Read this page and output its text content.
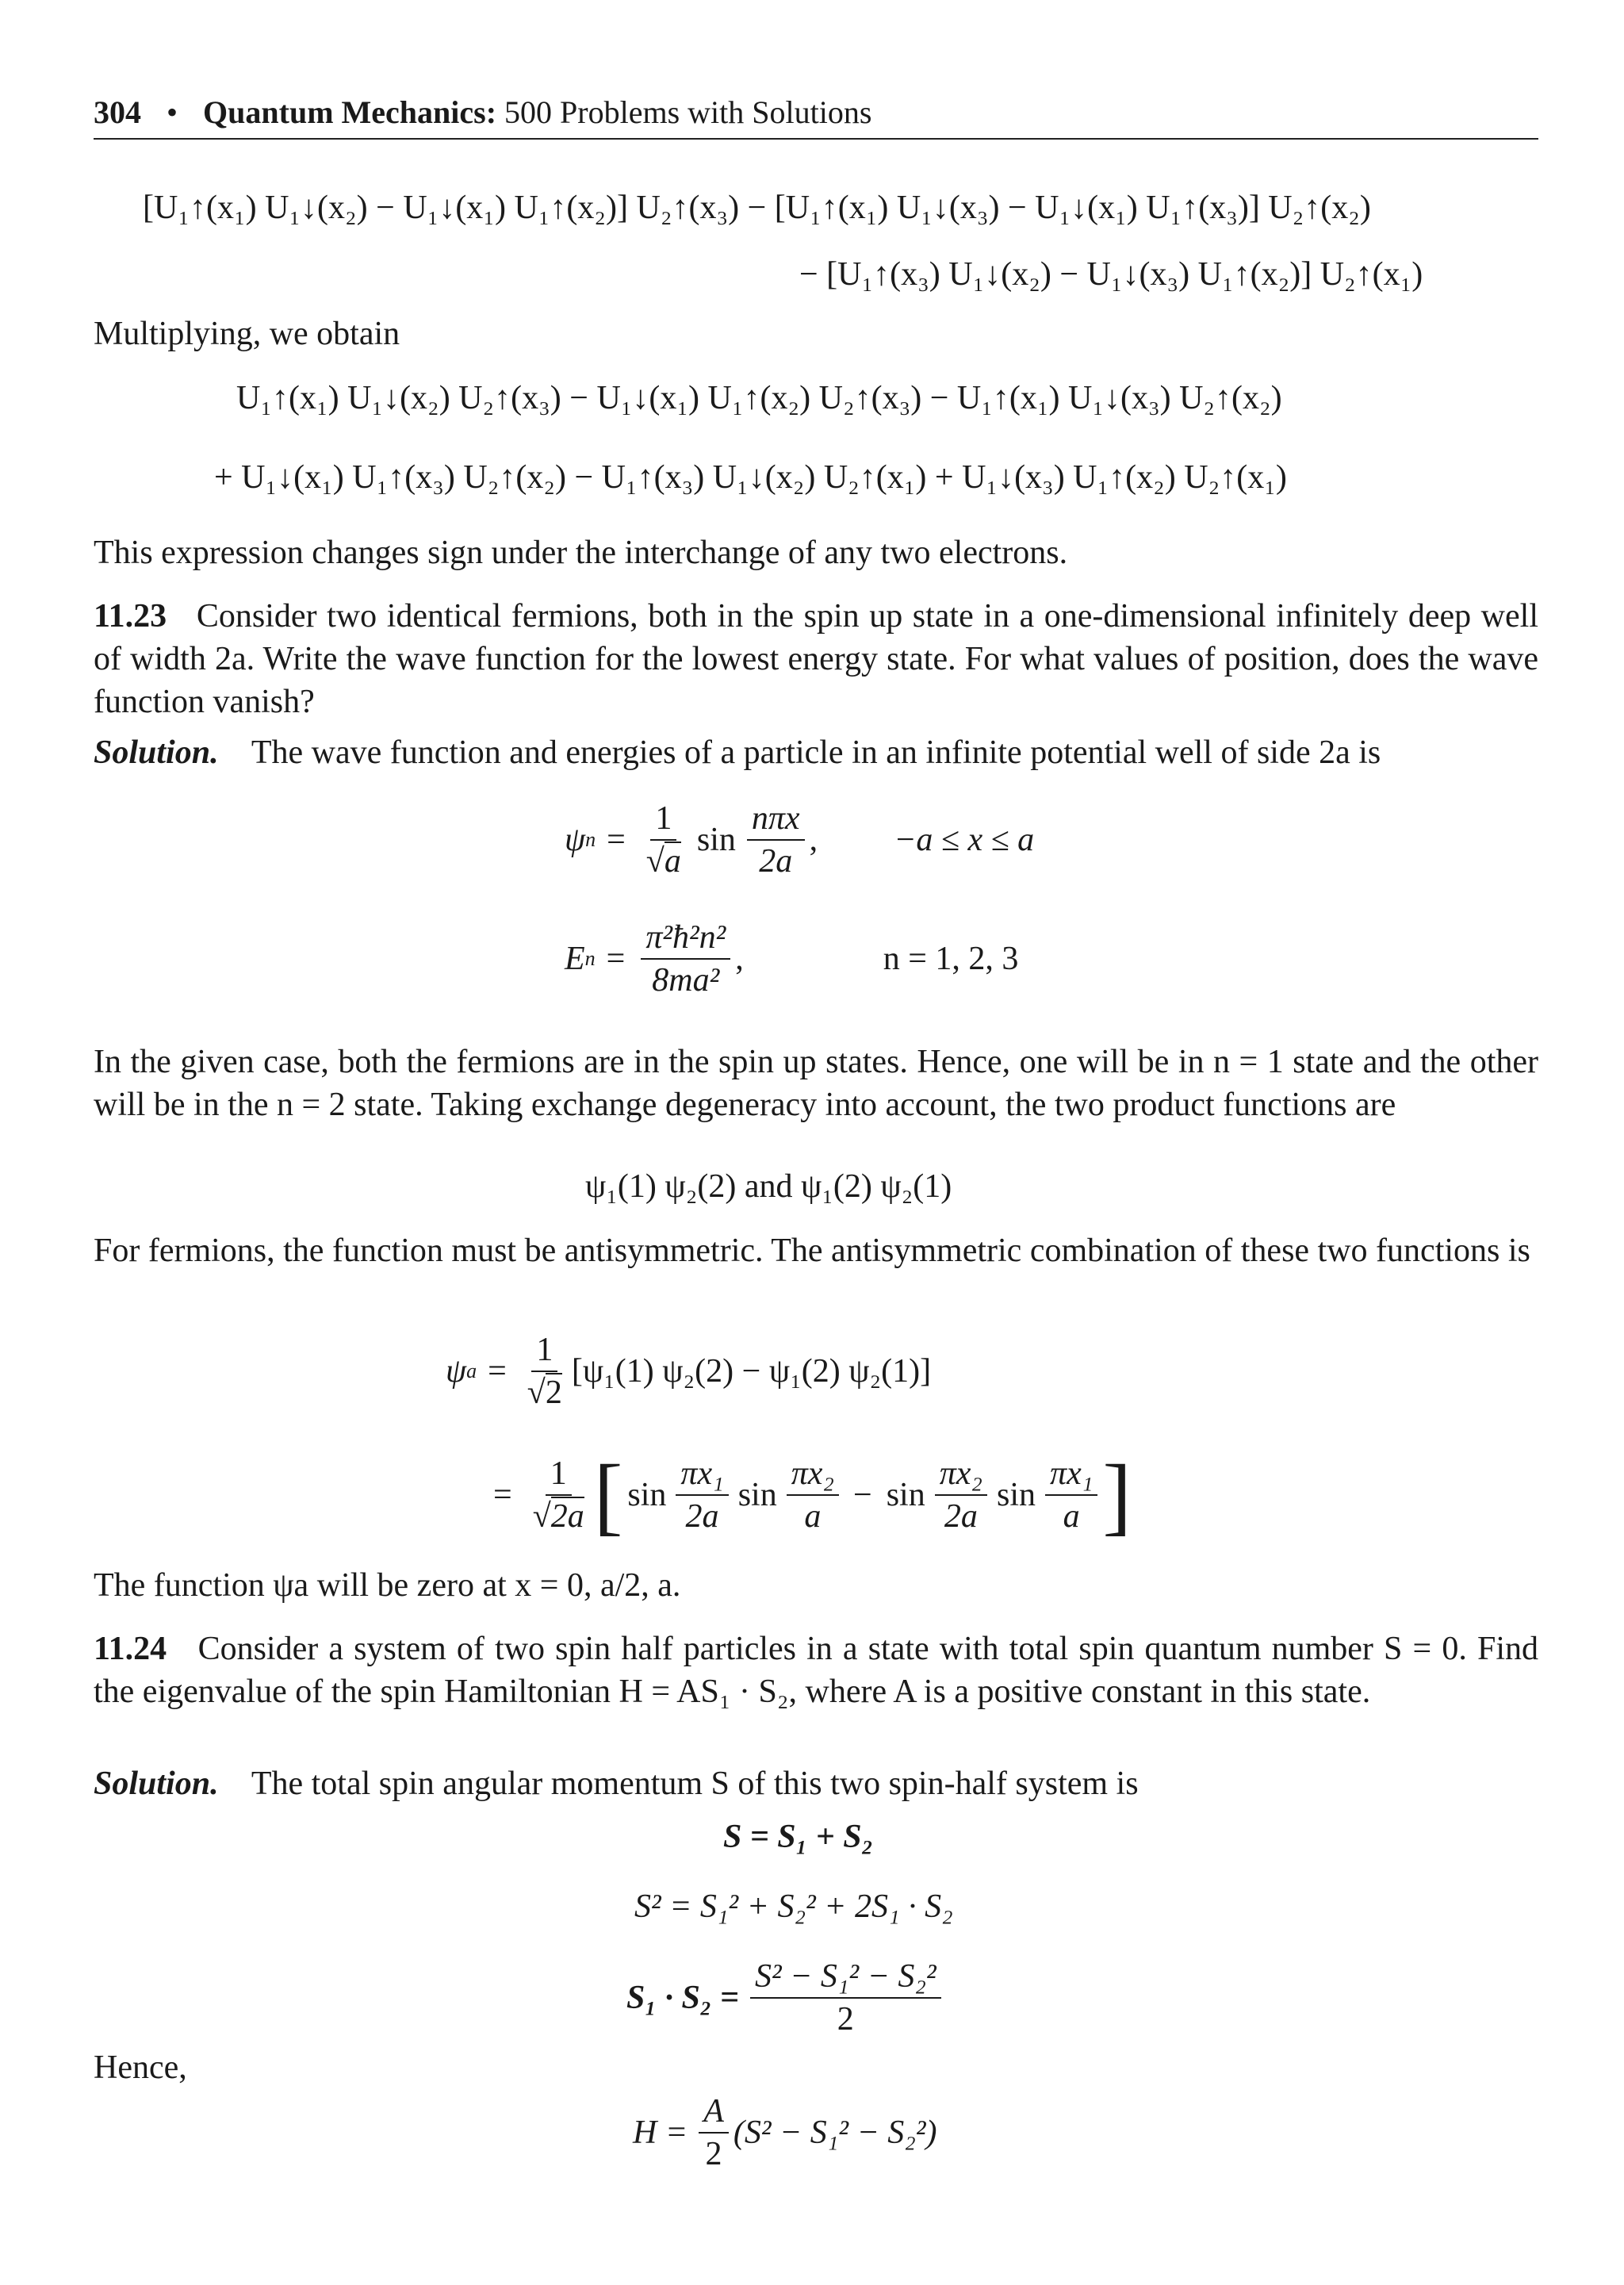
304 • Quantum Mechanics: 500 Problems with Solutions
[U₁↑(x₁) U₁↓(x₂) − U₁↓(x₁) U₁↑(x₂)] U₂↑(x₃) − [U₁↑(x₁) U₁↓(x₃) − U₁↓(x₁) U₁↑(x₃)] U₂↑(x₂)
− [U₁↑(x₃) U₁↓(x₂) − U₁↓(x₃) U₁↑(x₂)] U₂↑(x₁)
Multiplying, we obtain
U₁↑(x₁) U₁↓(x₂) U₂↑(x₃) − U₁↓(x₁) U₁↑(x₂) U₂↑(x₃) − U₁↑(x₁) U₁↓(x₃) U₂↑(x₂)
+ U₁↓(x₁) U₁↑(x₃) U₂↑(x₂) − U₁↑(x₃) U₁↓(x₂) U₂↑(x₁) + U₁↓(x₃) U₁↑(x₂) U₂↑(x₁)
This expression changes sign under the interchange of any two electrons.
11.23 Consider two identical fermions, both in the spin up state in a one-dimensional infinitely deep well of width 2a. Write the wave function for the lowest energy state. For what values of position, does the wave function vanish?
Solution. The wave function and energies of a particle in an infinite potential well of side 2a is
ψ $n = \frac{1}{√a}$ $\sin \frac{\text{nπx}}{2a}$ , −a ≤ x ≤ a
E $n = \frac{\text{π²ħ²n²}}{\text{8ma²}}$ ,	n = 1, 2, 3
In the given case, both the fermions are in the spin up states. Hence, one will be in n = 1 state and the other will be in the n = 2 state. Taking exchange degeneracy into account, the two product functions are
ψ₁(1) ψ₂(2) and ψ₁(2) ψ₂(1)
For fermions, the function must be antisymmetric. The antisymmetric combination of these two functions is
ψ $a = \frac{1}{√2} [\psi_1(1) \psi_2(2) - \psi_1(2)$ ψ₂(1)]
= $\frac{1}{√2a}$ [ $\sin \frac{\text{πx₁}}{2a}$ $\sin \frac{\text{πx₂}}{a} - \sin \frac{\text{πx₂}}{2a}$ $\sin \frac{\text{πx₁}}{a}$ ]
The function ψa will be zero at x = 0, a/2, a.
11.24 Consider a system of two spin half particles in a state with total spin quantum number S = 0. Find the eigenvalue of the spin Hamiltonian H = AS₁ · S₂, where A is a positive constant in this state.
Solution. The total spin angular momentum S of this two spin-half system is
S = S₁ + S₂
S² = S₁² + S₂² + 2S₁ · S₂
$S_1 \cdot S_2 = \frac{\text{S² − S₁² − S₂²}}{2}$
Hence,
$H = \frac{A}{2} (S^2 - S_1^2 - S_2^2)$
